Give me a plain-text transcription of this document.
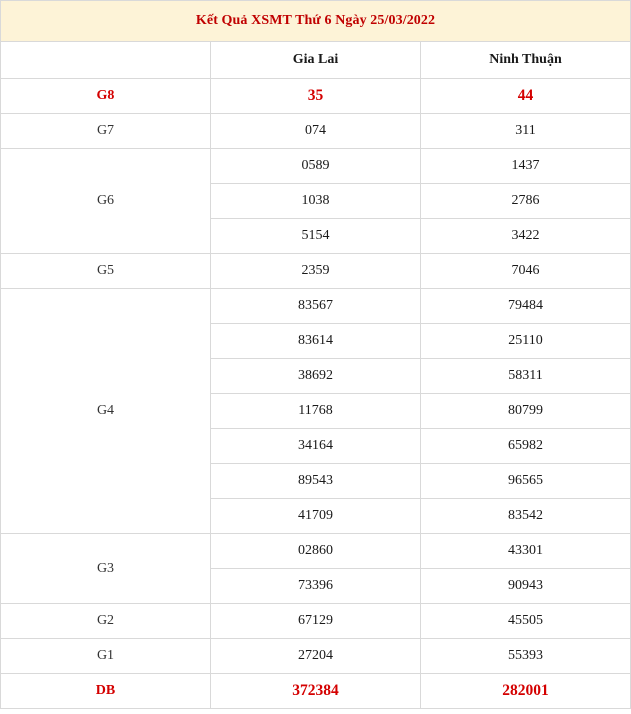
Kết Quả XSMT Thứ 6 Ngày 25/03/2022		
	Gia Lai	Ninh Thuận
G8	35	44
G7	074	311
G6	0589	1437
	1038	2786
	5154	3422
G5	2359	7046
G4	83567	79484
	83614	25110
	38692	58311
	11768	80799
	34164	65982
	89543	96565
	41709	83542
G3	02860	43301
	73396	90943
G2	67129	45505
G1	27204	55393
DB	372384	282001
